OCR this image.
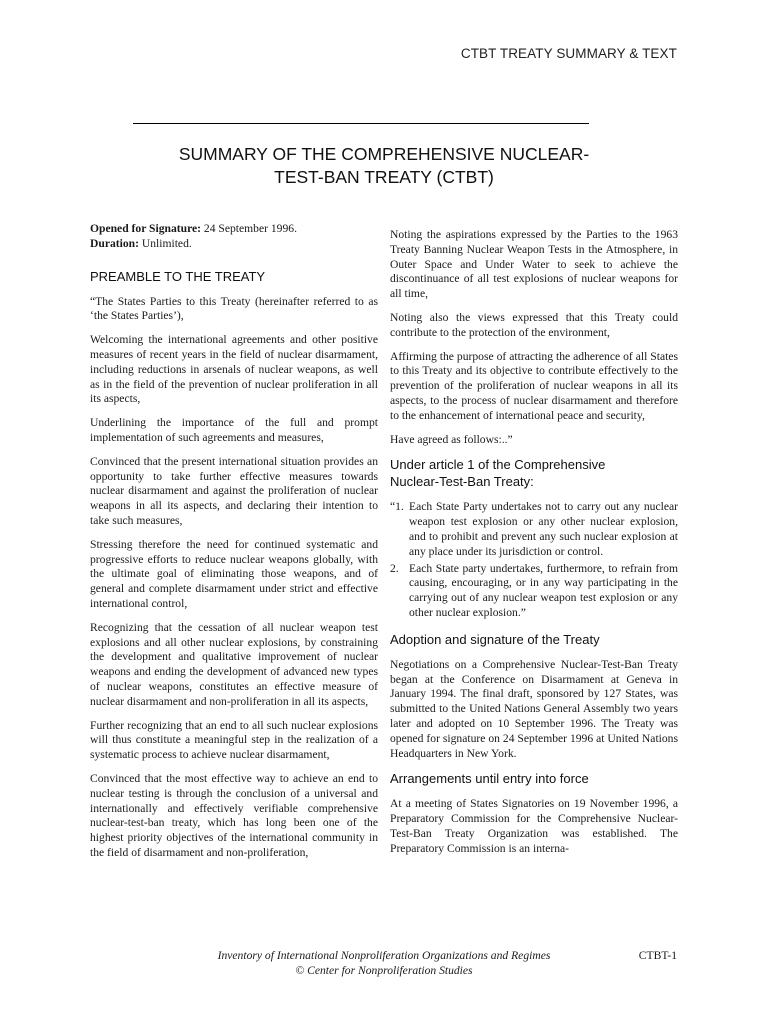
CTBT TREATY SUMMARY & TEXT
SUMMARY OF THE COMPREHENSIVE NUCLEAR-
TEST-BAN TREATY (CTBT)

Opened for Signature: 24 September 1996.

Duration: Unlimited.

PREAMBLE TO THE TREATY

“The States Parties to this Treaty (hereinafter referred to as ‘the States Parties’),

Welcoming the international agreements and other positive measures of recent years in the field of nuclear disarmament, including reductions in arsenals of nuclear weapons, as well as in the field of the prevention of nuclear proliferation in all its aspects,

Underlining the importance of the full and prompt implementation of such agreements and measures,

Convinced that the present international situation provides an opportunity to take further effective measures towards nuclear disarmament and against the proliferation of nuclear weapons in all its aspects, and declaring their intention to take such measures,

Stressing therefore the need for continued systematic and progressive efforts to reduce nuclear weapons globally, with the ultimate goal of eliminating those weapons, and of general and complete disarmament under strict and effective international control,

Recognizing that the cessation of all nuclear weapon test explosions and all other nuclear explosions, by constraining the development and qualitative improvement of nuclear weapons and ending the development of advanced new types of nuclear weapons, constitutes an effective measure of nuclear disarmament and non-proliferation in all its aspects,

Further recognizing that an end to all such nuclear explosions will thus constitute a meaningful step in the realization of a systematic process to achieve nuclear disarmament,

Convinced that the most effective way to achieve an end to nuclear testing is through the conclusion of a universal and internationally and effectively verifiable comprehensive nuclear-test-ban treaty, which has long been one of the highest priority objectives of the international community in the field of disarmament and non-proliferation,

Noting the aspirations expressed by the Parties to the 1963 Treaty Banning Nuclear Weapon Tests in the Atmosphere, in Outer Space and Under Water to seek to achieve the discontinuance of all test explosions of nuclear weapons for all time,

Noting also the views expressed that this Treaty could contribute to the protection of the environment,

Affirming the purpose of attracting the adherence of all States to this Treaty and its objective to contribute effectively to the prevention of the proliferation of nuclear weapons in all its aspects, to the process of nuclear disarmament and therefore to the enhancement of international peace and security,

Have agreed as follows:..”

Under article 1 of the Comprehensive
Nuclear-Test-Ban Treaty:
“1. Each State Party undertakes not to carry out any nuclear weapon test explosion or any other nuclear explosion, and to prohibit and prevent any such nuclear explosion at any place under its jurisdiction or control.
2. Each State party undertakes, furthermore, to refrain from causing, encouraging, or in any way participating in the carrying out of any nuclear weapon test explosion or any other nuclear explosion.”
Adoption and signature of the Treaty

Negotiations on a Comprehensive Nuclear-Test-Ban Treaty began at the Conference on Disarmament at Geneva in January 1994. The final draft, sponsored by 127 States, was submitted to the United Nations General Assembly two years later and adopted on 10 September 1996. The Treaty was opened for signature on 24 September 1996 at United Nations Headquarters in New York.

Arrangements until entry into force

At a meeting of States Signatories on 19 November 1996, a Preparatory Commission for the Comprehensive Nuclear-Test-Ban Treaty Organization was established. The Preparatory Commission is an interna-

Inventory of International Nonproliferation Organizations and Regimes
© Center for Nonproliferation Studies
CTBT-1
